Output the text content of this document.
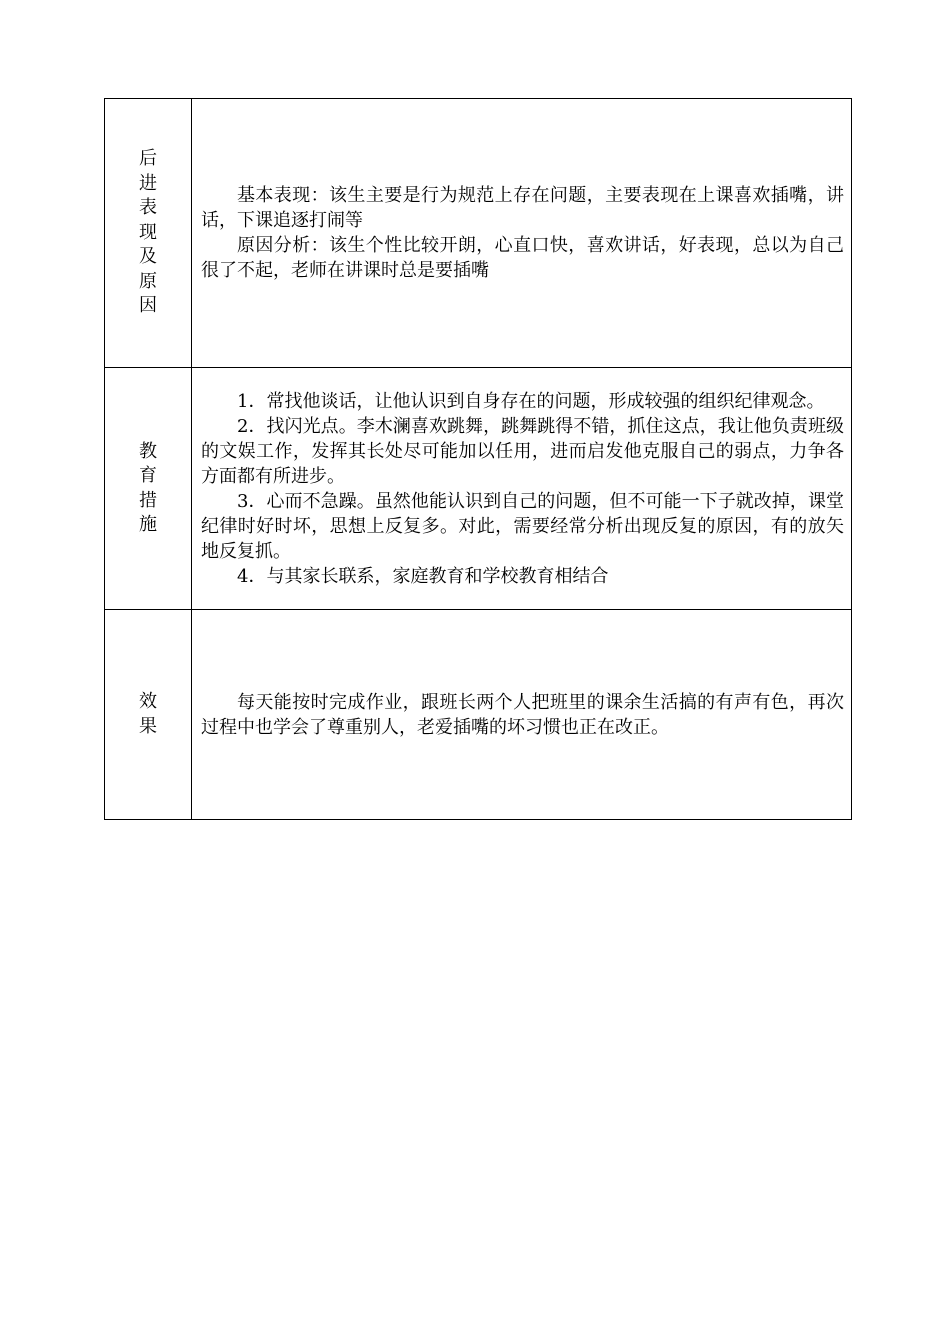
后进表现及原因	基本表现：该生主要是行为规范上存在问题，主要表现在上课喜欢插嘴，讲话，下课追逐打闹等

原因分析：该生个性比较开朗，心直口快，喜欢讲话，好表现，总以为自己很了不起，老师在讲课时总是要插嘴

教育措施	1．常找他谈话，让他认识到自身存在的问题，形成较强的组织纪律观念。

2．找闪光点。李木澜喜欢跳舞，跳舞跳得不错，抓住这点，我让他负责班级的文娱工作，发挥其长处尽可能加以任用，进而启发他克服自己的弱点，力争各方面都有所进步。

3．心而不急躁。虽然他能认识到自己的问题，但不可能一下子就改掉，课堂纪律时好时坏，思想上反复多。对此，需要经常分析出现反复的原因，有的放矢地反复抓。

4．与其家长联系，家庭教育和学校教育相结合

效果	每天能按时完成作业，跟班长两个人把班里的课余生活搞的有声有色，再次过程中也学会了尊重别人，老爱插嘴的坏习惯也正在改正。
